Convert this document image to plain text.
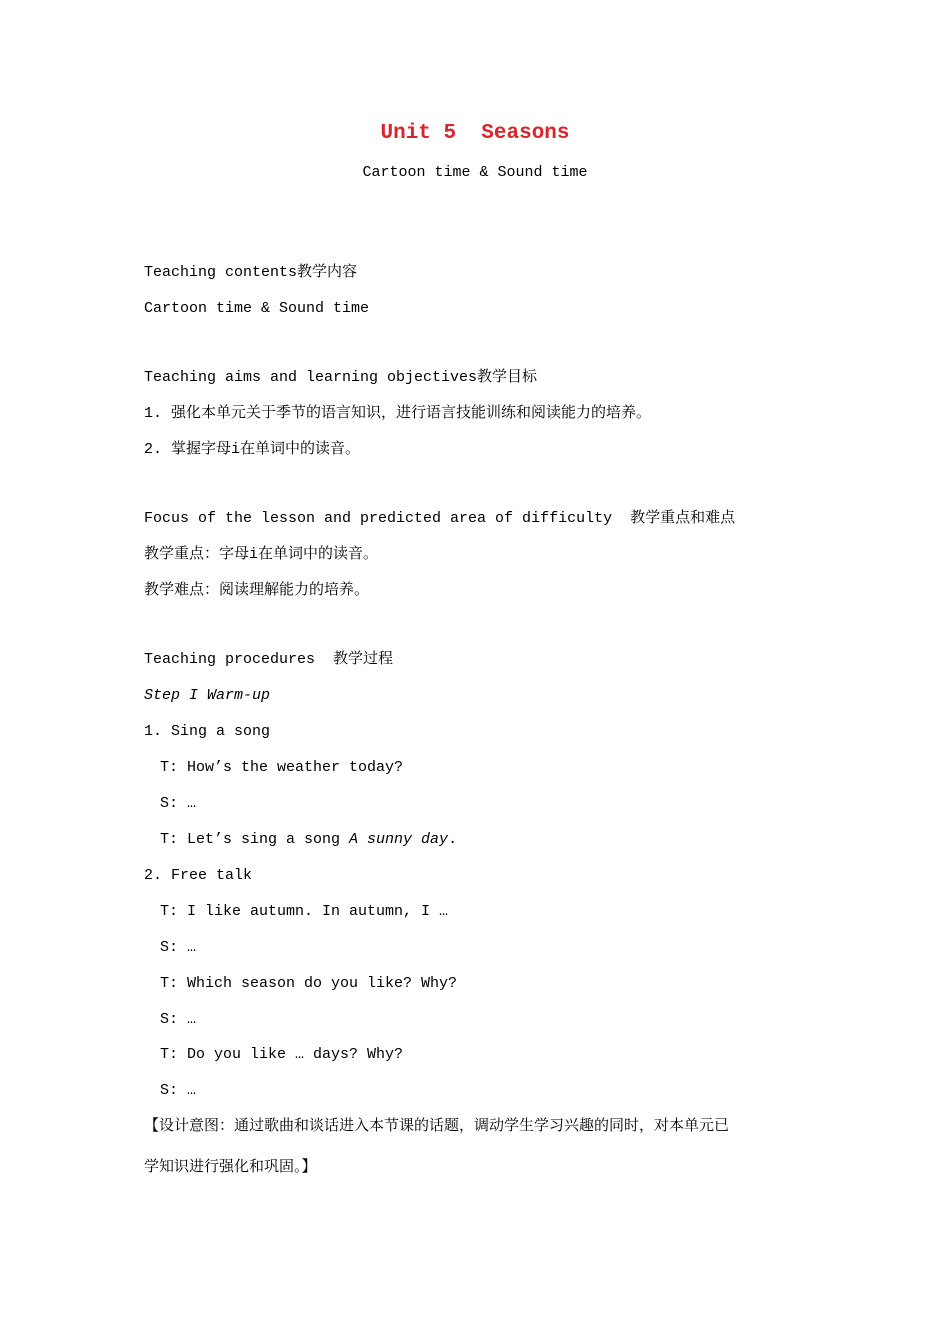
Unit 5  Seasons
Cartoon time & Sound time
Teaching contents教学内容
Cartoon time & Sound time
Teaching aims and learning objectives教学目标
1. 强化本单元关于季节的语言知识，进行语言技能训练和阅读能力的培养。
2. 掌握字母i在单词中的读音。
Focus of the lesson and predicted area of difficulty  教学重点和难点
教学重点：字母i在单词中的读音。
教学难点：阅读理解能力的培养。
Teaching procedures  教学过程
Step I Warm-up
1. Sing a song
T: How’s the weather today?
S: …
T: Let’s sing a song A sunny day.
2. Free talk
T: I like autumn. In autumn, I …
S: …
T: Which season do you like? Why?
S: …
T: Do you like … days? Why?
S: …
【设计意图：通过歌曲和谈话进入本节课的话题，调动学生学习兴趣的同时，对本单元已
学知识进行强化和巩固。】
